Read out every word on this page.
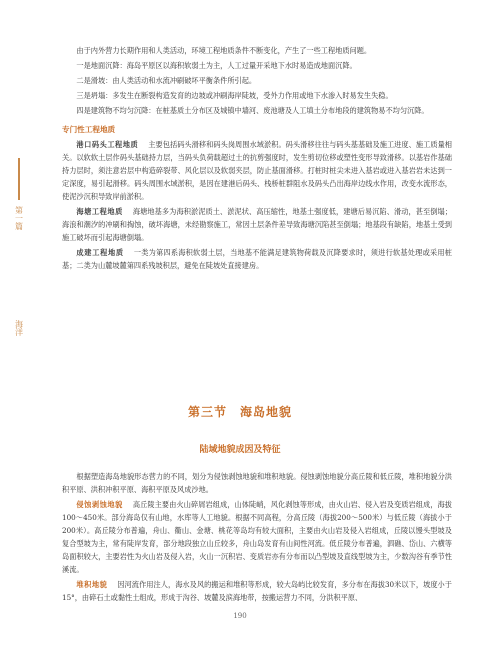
第一篇
海洋

由于内外营力长期作用和人类活动，环境工程地质条件不断变化，产生了一些工程地质问题。

一是地面沉降：海岛平原区以海积软弱土为主，人工过量开采地下水时易造成地面沉降。

二是滑坡：由人类活动和水流冲刷破坏平衡条件所引起。

三是坍塌：多发生在断裂构造发育的边坡或冲刷海岸陡坡，受外力作用或地下水渗入时易发生失稳。

四是建筑物不均匀沉降：在桩基质土分布区及城镇中墙河、废池塘及人工填土分布地段的建筑物易不均匀沉降。

专门性工程地质

港口码头工程地质 主要包括码头滑移和码头岗周围水域淤积。码头滑移往往与码头基基础及施工进度、施工质量相关。以软软土层作码头基础持力层，当码头负荷载超过土的抗剪强度时，发生剪切位移或塑性变形导致滑移。以基岩作基础持力层时，须注意岩层中构造碎裂带、风化层以及软弱夹层，防止基面滑移。打桩时桩尖未进入基岩或进入基岩岩未达到一定深度，易引起滑移。码头周围水域淤积，是因在建港后码头、栈桥桩群阻水及码头凸出海岸边线水作用，改变水流形态，使泥沙沉积导致岸前淤积。

海塘工程地质 海塘地基多为海积淤泥质土、淤泥状、高压缩性，地基土强度低，建塘后易沉陷、滑动，甚至倒塌；海浪和潮汐的冲刷和掏蚀，破坏海塘，未经勘察施工，常因土层条件差导致海塘沉陷甚至倒塌；地基段有缺陷，地基土受到施工破坏而引起海塘倒塌。

成建工程地质 一类为第四系海积软弱土层，当地基不能满足建筑物荷载及沉降要求时，须进行软基处理或采用桩基；二类为山麓坡麓第四系残坡积层，避免在陡坡处直接建房。

第三节　海岛地貌
陆域地貌成因及特征

根据塑造海岛地貌形态营力的不同，划分为侵蚀剥蚀地貌和堆积地貌。侵蚀剥蚀地貌分高丘陵和低丘陵，堆积地貌分洪积平原、洪积冲积平原、海积平原及风成沙地。

侵蚀剥蚀地貌 高丘陵主要由火山碎屑岩组成，山体陡峭，风化剥蚀等形成，由火山岩、侵入岩及变质岩组成，海拔100～450米。部分海岛仅有山地，水库等人工地貌。根据不同高程，分高丘陵（海拔200～500米）与低丘陵（海拔小于200米）。高丘陵分布普遍，舟山、衢山、金塘、桃花等岛均有较大面积，主要由火山岩及侵入岩组成，丘陵以馒头型坡及复合型坡为主，常有陡岸发育，部分地段独立山丘较多，舟山岛发育有山间性河流。低丘陵分布普遍，泗礁、岱山、六横等岛面积较大，主要岩性为火山岩及侵入岩，火山一沉积岩、变质岩亦有分布而以凸型坡及直线型坡为主，少数沟谷有季节性溪流。

堆积地貌 因河流作用注人，海水及风的搬运和堆积等形成，较大岛屿比较发育，多分布在海拔30米以下，坡度小于15°，由碎石土或黏性土组成，形成于沟谷、坡麓及滨海地带，按搬运营力不同，分洪积平原、

190
